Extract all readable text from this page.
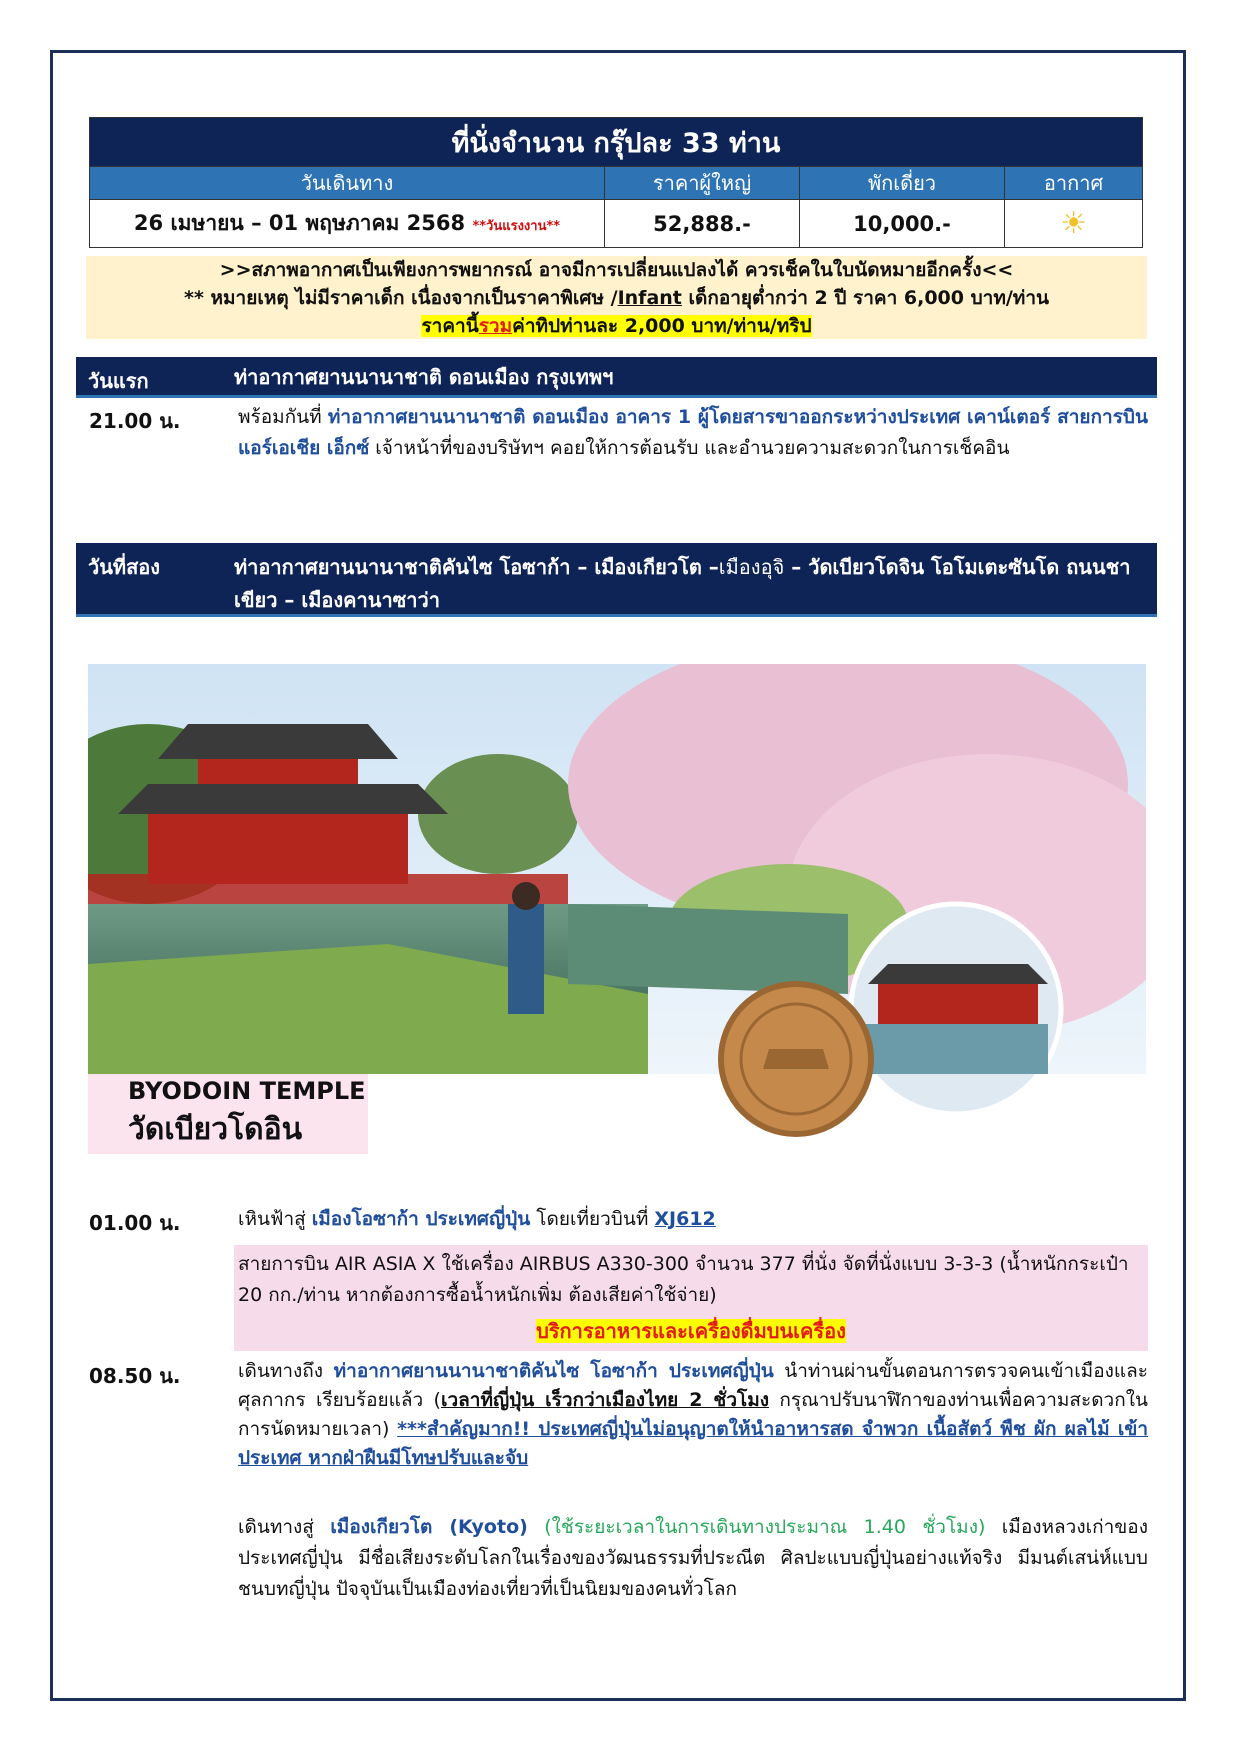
ที่นั่งจำนวน กรุ๊ปละ 33 ท่าน			
วันเดินทาง	ราคาผู้ใหญ่	พักเดี่ยว	อากาศ
26 เมษายน – 01 พฤษภาคม 2568 **วันแรงงาน**	52,888.-	10,000.-	☀
>>สภาพอากาศเป็นเพียงการพยากรณ์ อาจมีการเปลี่ยนแปลงได้ ควรเช็คในใบนัดหมายอีกครั้ง<<
** หมายเหตุ ไม่มีราคาเด็ก เนื่องจากเป็นราคาพิเศษ /Infant เด็กอายุต่ำกว่า 2 ปี ราคา 6,000 บาท/ท่าน
ราคานี้รวมค่าทิปท่านละ 2,000 บาท/ท่าน/ทริป
วันแรก	ท่าอากาศยานนานาชาติ ดอนเมือง กรุงเทพฯ
21.00 น.	พร้อมกันที่ ท่าอากาศยานนานาชาติ ดอนเมือง อาคาร 1 ผู้โดยสารขาออกระหว่างประเทศ เคาน์เตอร์ สายการบินแอร์เอเชีย เอ็กซ์ เจ้าหน้าที่ของบริษัทฯ คอยให้การต้อนรับ และอำนวยความสะดวกในการเช็คอิน
วันที่สอง	ท่าอากาศยานนานาชาติคันไซ โอซาก้า – เมืองเกียวโต –เมืองอุจิ – วัดเบียวโดจิน โอโมเตะซันโด ถนนชาเขียว – เมืองคานาซาว่า
BYODOIN TEMPLE
วัดเบียวโดอิน
01.00 น.	เหินฟ้าสู่ เมืองโอซาก้า ประเทศญี่ปุ่น โดยเที่ยวบินที่ XJ612
สายการบิน AIR ASIA X ใช้เครื่อง AIRBUS A330-300 จำนวน 377 ที่นั่ง จัดที่นั่งแบบ 3-3-3 (น้ำหนักกระเป๋า 20 กก./ท่าน หากต้องการซื้อน้ำหนักเพิ่ม ต้องเสียค่าใช้จ่าย)
บริการอาหารและเครื่องดื่มบนเครื่อง
08.50 น.	เดินทางถึง ท่าอากาศยานนานาชาติคันไซ โอซาก้า ประเทศญี่ปุ่น นำท่านผ่านขั้นตอนการตรวจคนเข้าเมืองและศุลกากร เรียบร้อยแล้ว (เวลาที่ญี่ปุ่น เร็วกว่าเมืองไทย 2 ชั่วโมง กรุณาปรับนาฬิกาของท่านเพื่อความสะดวกในการนัดหมายเวลา) ***สำคัญมาก!! ประเทศญี่ปุ่นไม่อนุญาตให้นำอาหารสด จำพวก เนื้อสัตว์ พืช ผัก ผลไม้ เข้าประเทศ หากฝ่าฝืนมีโทษปรับและจับ
เดินทางสู่ เมืองเกียวโต (Kyoto) (ใช้ระยะเวลาในการเดินทางประมาณ 1.40 ชั่วโมง) เมืองหลวงเก่าของประเทศญี่ปุ่น มีชื่อเสียงระดับโลกในเรื่องของวัฒนธรรมที่ประณีต ศิลปะแบบญี่ปุ่นอย่างแท้จริง มีมนต์เสน่ห์แบบชนบทญี่ปุ่น ปัจจุบันเป็นเมืองท่องเที่ยวที่เป็นนิยมของคนทั่วโลก
